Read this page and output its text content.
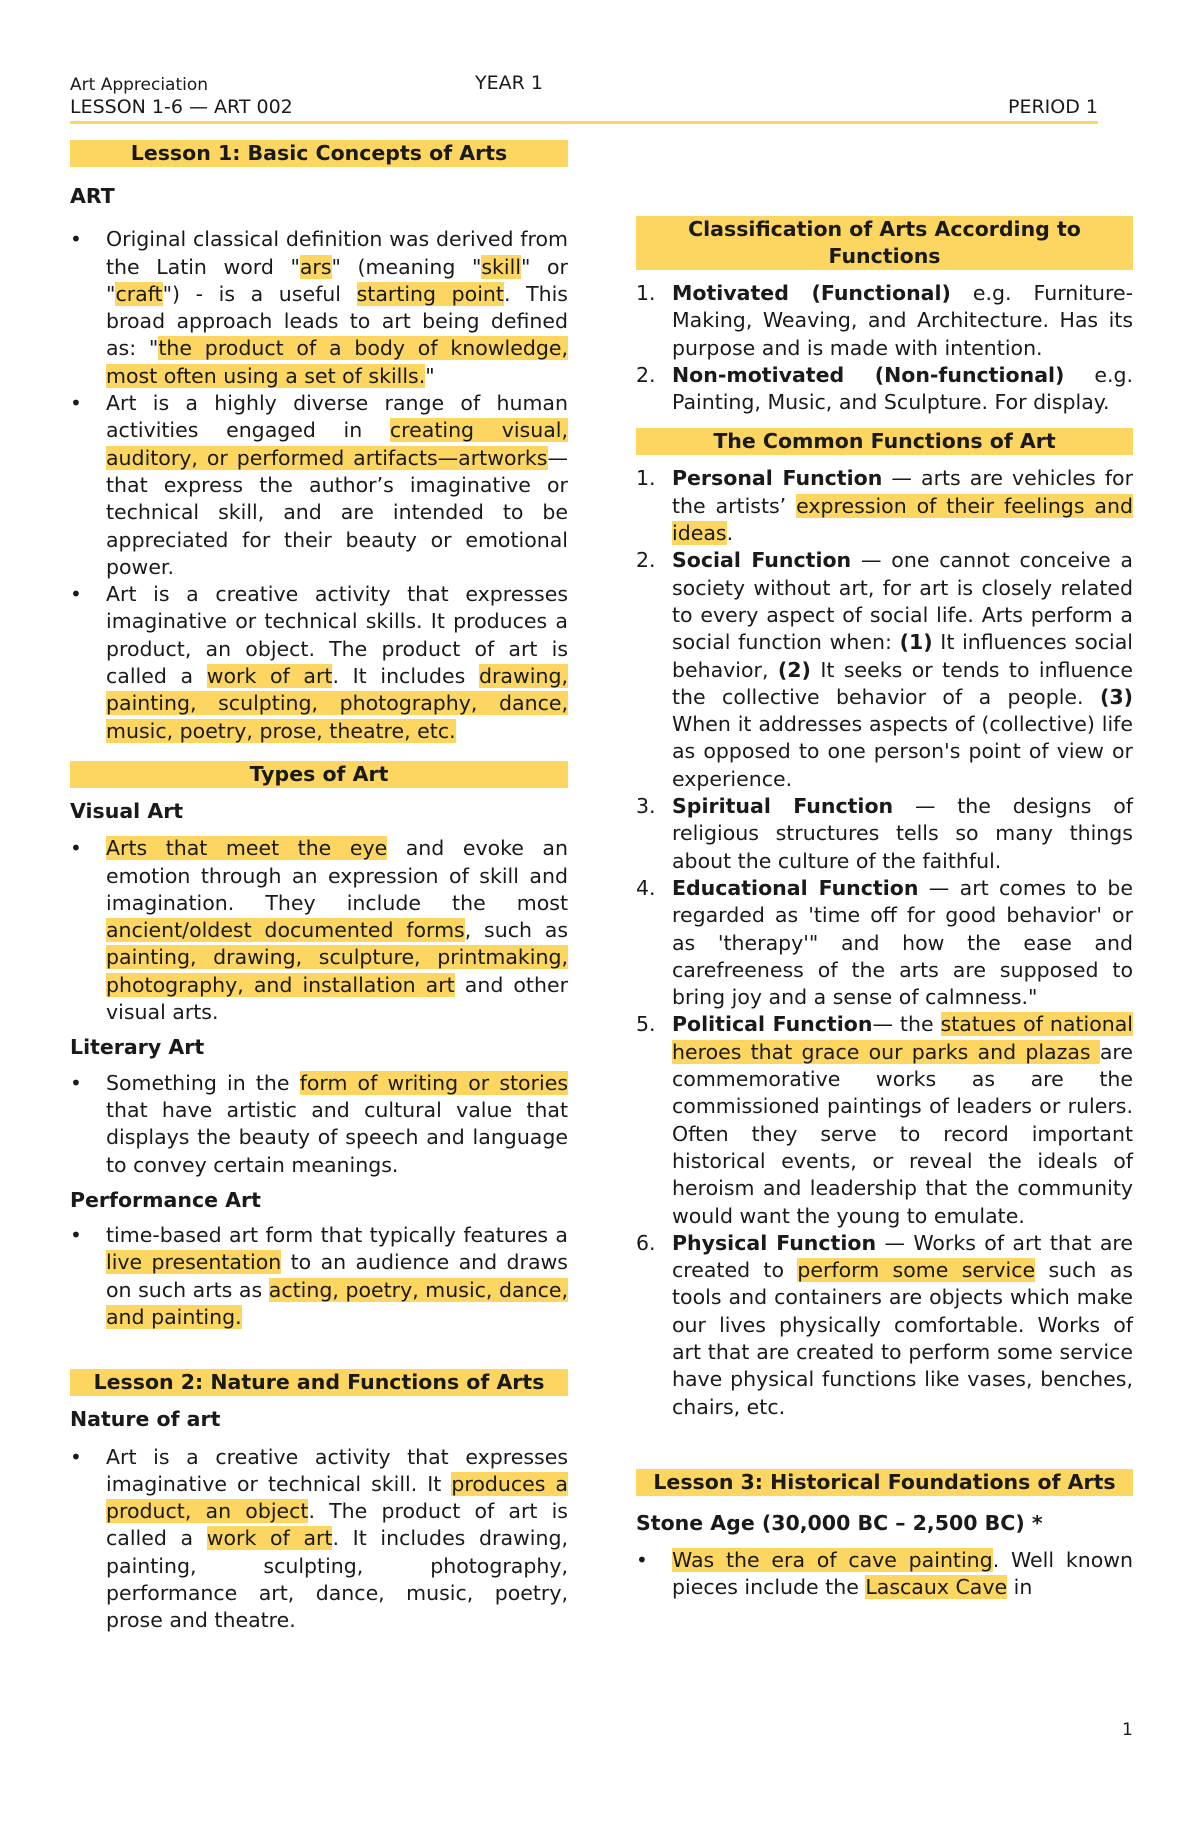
Art Appreciation	YEAR 1
LESSON 1-6 — ART 002	PERIOD 1
Lesson 1: Basic Concepts of Arts
ART
• Original classical definition was derived from the Latin word "ars" (meaning "skill" or "craft") - is a useful starting point. This broad approach leads to art being defined as: "the product of a body of knowledge, most often using a set of skills."
• Art is a highly diverse range of human activities engaged in creating visual, auditory, or performed artifacts—artworks—that express the author’s imaginative or technical skill, and are intended to be appreciated for their beauty or emotional power.
• Art is a creative activity that expresses imaginative or technical skills. It produces a product, an object. The product of art is called a work of art. It includes drawing, painting, sculpting, photography, dance, music, poetry, prose, theatre, etc.
Types of Art
Visual Art
• Arts that meet the eye and evoke an emotion through an expression of skill and imagination. They include the most ancient/oldest documented forms, such as painting, drawing, sculpture, printmaking, photography, and installation art and other visual arts.
Literary Art
• Something in the form of writing or stories that have artistic and cultural value that displays the beauty of speech and language to convey certain meanings.
Performance Art
• time-based art form that typically features a live presentation to an audience and draws on such arts as acting, poetry, music, dance, and painting.
Lesson 2: Nature and Functions of Arts
Nature of art
• Art is a creative activity that expresses imaginative or technical skill. It produces a product, an object. The product of art is called a work of art. It includes drawing, painting, sculpting, photography, performance art, dance, music, poetry, prose and theatre.
Classification of Arts According to Functions
1. Motivated (Functional) e.g. Furniture-Making, Weaving, and Architecture. Has its purpose and is made with intention.
2. Non-motivated (Non-functional) e.g. Painting, Music, and Sculpture. For display.
The Common Functions of Art
1. Personal Function — arts are vehicles for the artists’ expression of their feelings and ideas.
2. Social Function — one cannot conceive a society without art, for art is closely related to every aspect of social life. Arts perform a social function when: (1) It influences social behavior, (2) It seeks or tends to influence the collective behavior of a people. (3) When it addresses aspects of (collective) life as opposed to one person's point of view or experience.
3. Spiritual Function — the designs of religious structures tells so many things about the culture of the faithful.
4. Educational Function — art comes to be regarded as 'time off for good behavior' or as 'therapy'" and how the ease and carefreeness of the arts are supposed to bring joy and a sense of calmness."
5. Political Function— the statues of national heroes that grace our parks and plazas are commemorative works as are the commissioned paintings of leaders or rulers. Often they serve to record important historical events, or reveal the ideals of heroism and leadership that the community would want the young to emulate.
6. Physical Function — Works of art that are created to perform some service such as tools and containers are objects which make our lives physically comfortable. Works of art that are created to perform some service have physical functions like vases, benches, chairs, etc.
Lesson 3: Historical Foundations of Arts
Stone Age (30,000 BC – 2,500 BC) *
• Was the era of cave painting. Well known pieces include the Lascaux Cave in

1
